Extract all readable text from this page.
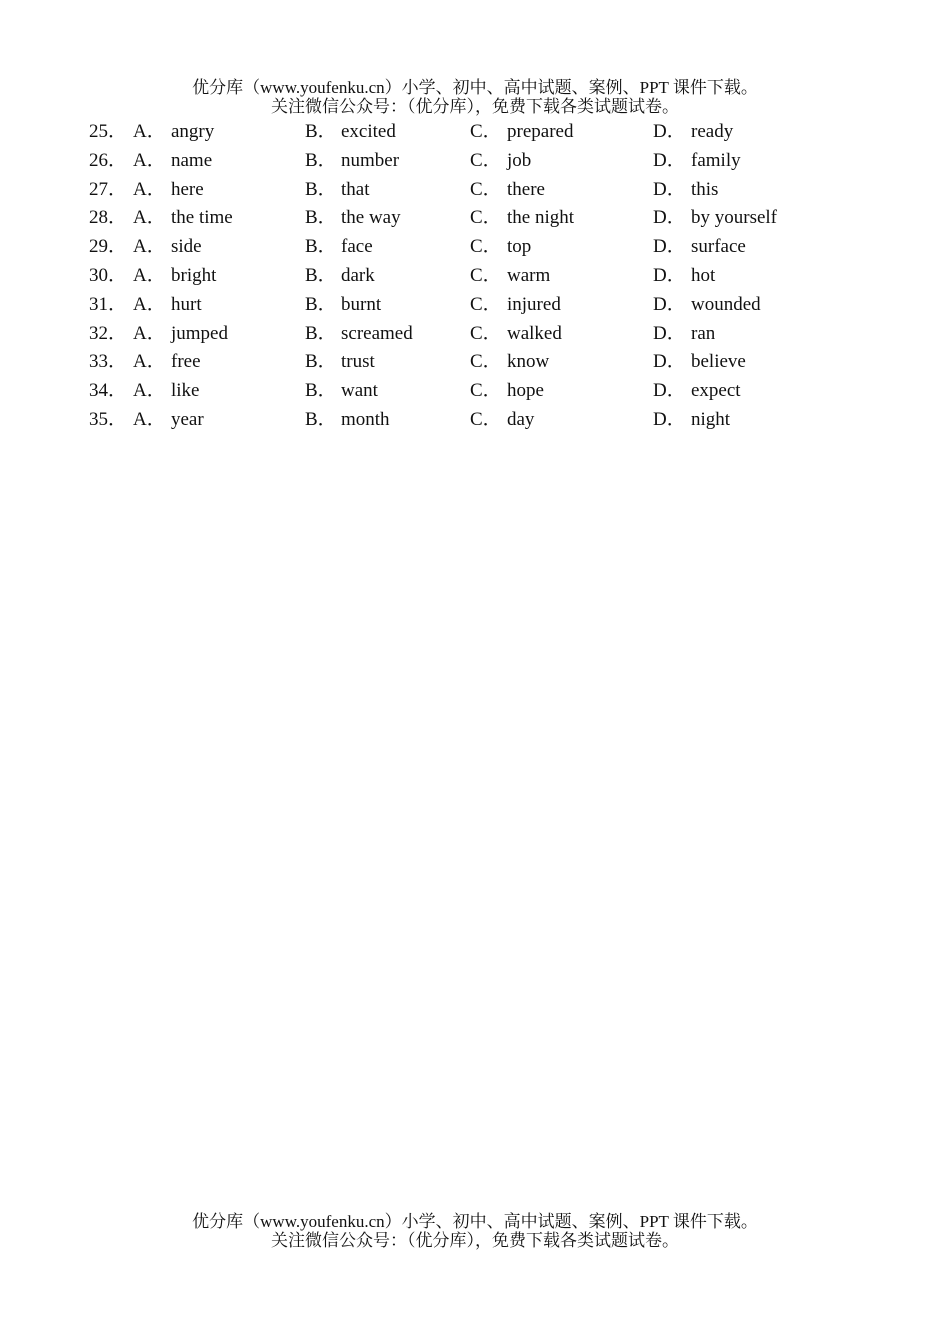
优分库（www.youfenku.cn）小学、初中、高中试题、案例、PPT 课件下载。
关注微信公众号：（优分库），免费下载各类试题试卷。
25． A． angry	B． excited	C． prepared	D． ready
26． A． name	B． number	C． job	D． family
27． A． here	B． that	C． there	D． this
28． A． the time	B． the way	C． the night	D． by yourself
29． A． side	B． face	C． top	D． surface
30． A． bright	B． dark	C． warm	D． hot
31． A． hurt	B． burnt	C． injured	D． wounded
32． A． jumped	B． screamed	C． walked	D． ran
33． A． free	B． trust	C． know	D． believe
34． A． like	B． want	C． hope	D． expect
35． A． year	B． month	C． day	D． night
优分库（www.youfenku.cn）小学、初中、高中试题、案例、PPT 课件下载。
关注微信公众号：（优分库），免费下载各类试题试卷。
